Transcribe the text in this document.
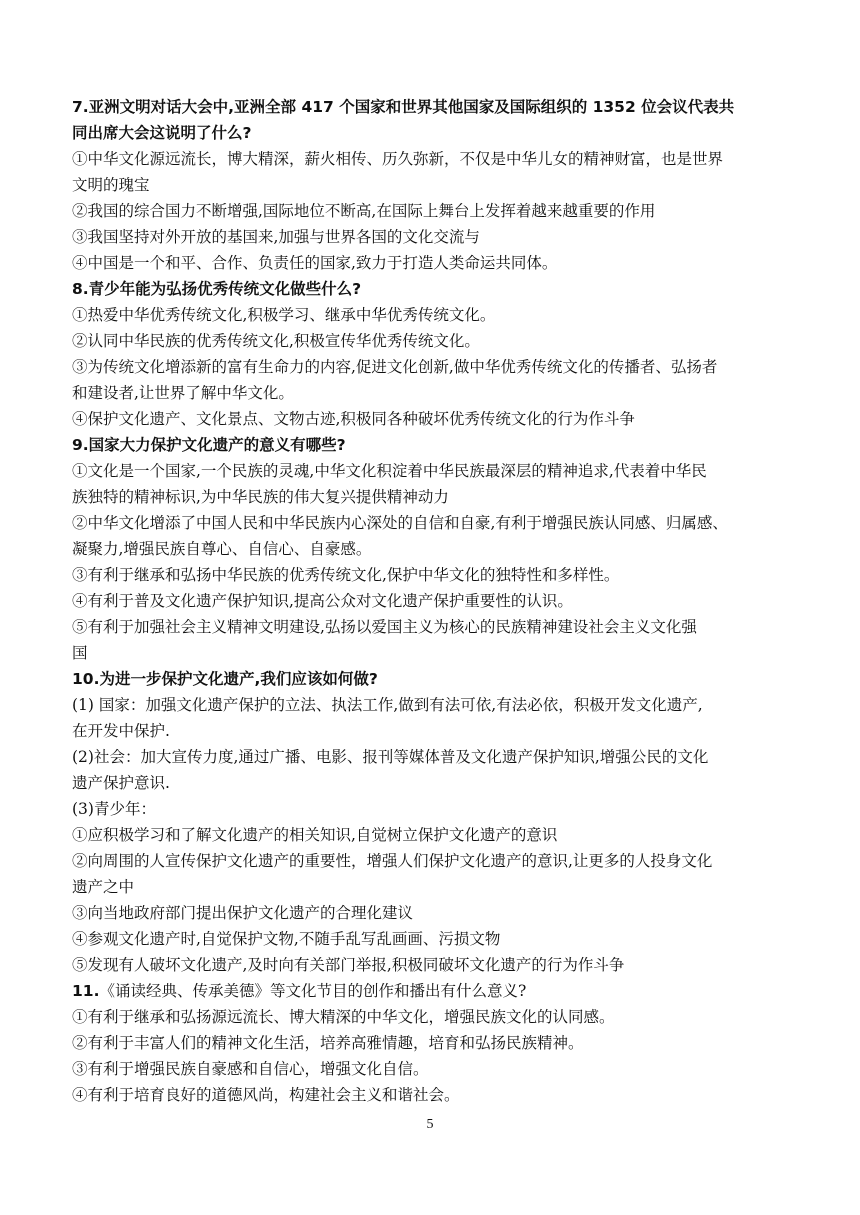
7.亚洲文明对话大会中,亚洲全部 417 个国家和世界其他国家及国际组织的 1352 位会议代表共
同出席大会这说明了什么?
①中华文化源远流长，博大精深，薪火相传、历久弥新，不仅是中华儿女的精神财富，也是世界
文明的瑰宝
②我国的综合国力不断增强,国际地位不断高,在国际上舞台上发挥着越来越重要的作用
③我国坚持对外开放的基国来,加强与世界各国的文化交流与
④中国是一个和平、合作、负责任的国家,致力于打造人类命运共同体。
8.青少年能为弘扬优秀传统文化做些什么?
①热爱中华优秀传统文化,积极学习、继承中华优秀传统文化。
②认同中华民族的优秀传统文化,积极宣传华优秀传统文化。
③为传统文化增添新的富有生命力的内容,促进文化创新,做中华优秀传统文化的传播者、弘扬者
和建设者,让世界了解中华文化。
④保护文化遗产、文化景点、文物古迹,积极同各种破坏优秀传统文化的行为作斗争
9.国家大力保护文化遗产的意义有哪些?
①文化是一个国家,一个民族的灵魂,中华文化积淀着中华民族最深层的精神追求,代表着中华民
族独特的精神标识,为中华民族的伟大复兴提供精神动力
②中华文化增添了中国人民和中华民族内心深处的自信和自豪,有利于增强民族认同感、归属感、
凝聚力,增强民族自尊心、自信心、自豪感。
③有利于继承和弘扬中华民族的优秀传统文化,保护中华文化的独特性和多样性。
④有利于普及文化遗产保护知识,提高公众对文化遗产保护重要性的认识。
⑤有利于加强社会主义精神文明建设,弘扬以爱国主义为核心的民族精神建设社会主义文化强
国
10.为进一步保护文化遗产,我们应该如何做?
(1) 国家：加强文化遗产保护的立法、执法工作,做到有法可依,有法必依，积极开发文化遗产,
在开发中保护.
(2)社会：加大宣传力度,通过广播、电影、报刊等媒体普及文化遗产保护知识,增强公民的文化
遗产保护意识.
(3)青少年：
①应积极学习和了解文化遗产的相关知识,自觉树立保护文化遗产的意识
②向周围的人宣传保护文化遗产的重要性，增强人们保护文化遗产的意识,让更多的人投身文化
遗产之中
③向当地政府部门提出保护文化遗产的合理化建议
④参观文化遗产时,自觉保护文物,不随手乱写乱画画、污损文物
⑤发现有人破坏文化遗产,及时向有关部门举报,积极同破坏文化遗产的行为作斗争
11.《诵读经典、传承美德》等文化节目的创作和播出有什么意义?
①有利于继承和弘扬源远流长、博大精深的中华文化，增强民族文化的认同感。
②有利于丰富人们的精神文化生活，培养高雅情趣，培育和弘扬民族精神。
③有利于增强民族自豪感和自信心，增强文化自信。
④有利于培育良好的道德风尚，构建社会主义和谐社会。
5
